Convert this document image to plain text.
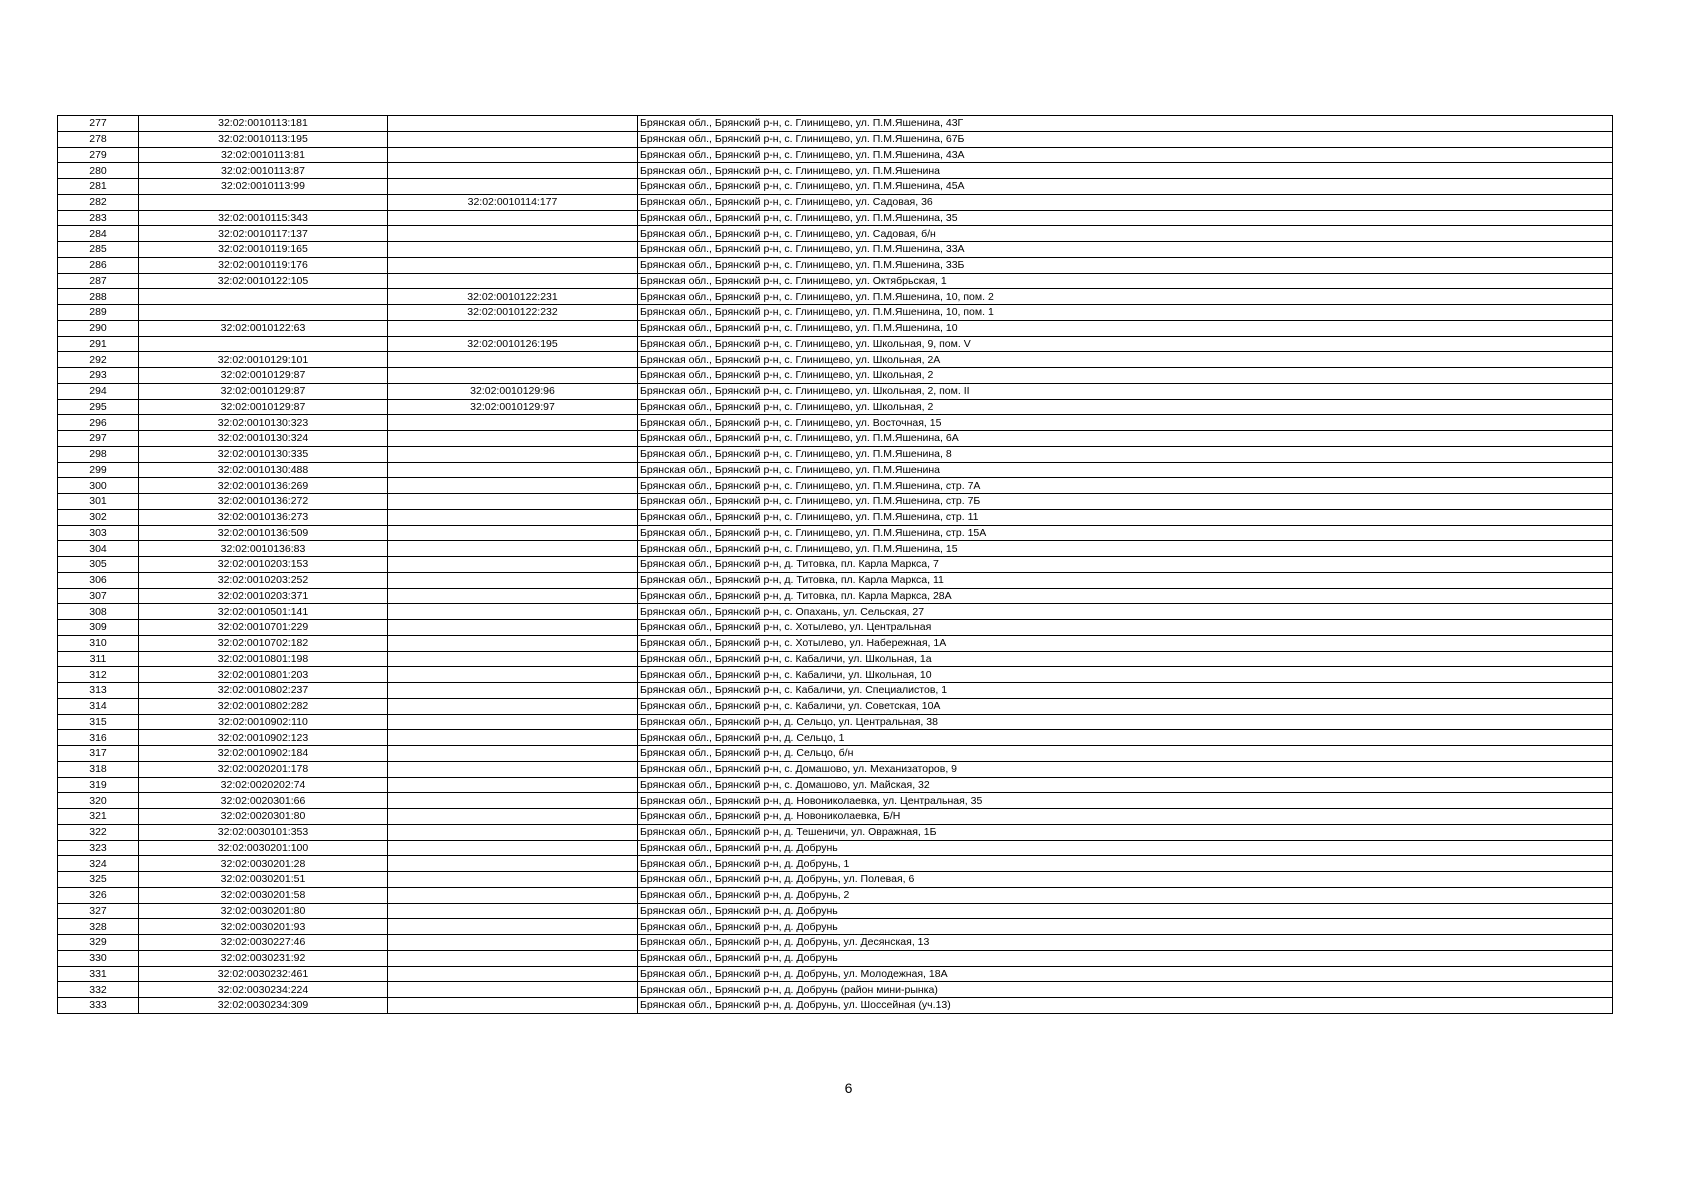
277	32:02:0010113:181		Брянская обл., Брянский р-н, с. Глинищево, ул. П.М.Яшенина, 43Г
278	32:02:0010113:195		Брянская обл., Брянский р-н, с. Глинищево, ул. П.М.Яшенина, 67Б
279	32:02:0010113:81		Брянская обл., Брянский р-н, с. Глинищево, ул. П.М.Яшенина, 43А
280	32:02:0010113:87		Брянская обл., Брянский р-н, с. Глинищево, ул. П.М.Яшенина
281	32:02:0010113:99		Брянская обл., Брянский р-н, с. Глинищево, ул. П.М.Яшенина, 45А
282		32:02:0010114:177	Брянская обл., Брянский р-н, с. Глинищево, ул. Садовая, 36
283	32:02:0010115:343		Брянская обл., Брянский р-н, с. Глинищево, ул. П.М.Яшенина, 35
284	32:02:0010117:137		Брянская обл., Брянский р-н, с. Глинищево, ул. Садовая, б/н
285	32:02:0010119:165		Брянская обл., Брянский р-н, с. Глинищево, ул. П.М.Яшенина, 33А
286	32:02:0010119:176		Брянская обл., Брянский р-н, с. Глинищево, ул. П.М.Яшенина, 33Б
287	32:02:0010122:105		Брянская обл., Брянский р-н, с. Глинищево, ул. Октябрьская, 1
288		32:02:0010122:231	Брянская обл., Брянский р-н, с. Глинищево, ул. П.М.Яшенина, 10, пом. 2
289		32:02:0010122:232	Брянская обл., Брянский р-н, с. Глинищево, ул. П.М.Яшенина, 10, пом. 1
290	32:02:0010122:63		Брянская обл., Брянский р-н, с. Глинищево, ул. П.М.Яшенина, 10
291		32:02:0010126:195	Брянская обл., Брянский р-н, с. Глинищево, ул. Школьная, 9, пом. V
292	32:02:0010129:101		Брянская обл., Брянский р-н, с. Глинищево, ул. Школьная, 2А
293	32:02:0010129:87		Брянская обл., Брянский р-н, с. Глинищево, ул. Школьная, 2
294	32:02:0010129:87	32:02:0010129:96	Брянская обл., Брянский р-н, с. Глинищево, ул. Школьная, 2, пом. II
295	32:02:0010129:87	32:02:0010129:97	Брянская обл., Брянский р-н, с. Глинищево, ул. Школьная, 2
296	32:02:0010130:323		Брянская обл., Брянский р-н, с. Глинищево, ул. Восточная, 15
297	32:02:0010130:324		Брянская обл., Брянский р-н, с. Глинищево, ул. П.М.Яшенина, 6А
298	32:02:0010130:335		Брянская обл., Брянский р-н, с. Глинищево, ул. П.М.Яшенина, 8
299	32:02:0010130:488		Брянская обл., Брянский р-н, с. Глинищево, ул. П.М.Яшенина
300	32:02:0010136:269		Брянская обл., Брянский р-н, с. Глинищево, ул. П.М.Яшенина, стр. 7А
301	32:02:0010136:272		Брянская обл., Брянский р-н, с. Глинищево, ул. П.М.Яшенина, стр. 7Б
302	32:02:0010136:273		Брянская обл., Брянский р-н, с. Глинищево, ул. П.М.Яшенина, стр. 11
303	32:02:0010136:509		Брянская обл., Брянский р-н, с. Глинищево, ул. П.М.Яшенина, стр. 15А
304	32:02:0010136:83		Брянская обл., Брянский р-н, с. Глинищево, ул. П.М.Яшенина, 15
305	32:02:0010203:153		Брянская обл., Брянский р-н, д. Титовка, пл. Карла Маркса, 7
306	32:02:0010203:252		Брянская обл., Брянский р-н, д. Титовка, пл. Карла Маркса, 11
307	32:02:0010203:371		Брянская обл., Брянский р-н, д. Титовка, пл. Карла Маркса, 28А
308	32:02:0010501:141		Брянская обл., Брянский р-н, с. Опахань, ул. Сельская, 27
309	32:02:0010701:229		Брянская обл., Брянский р-н, с. Хотылево, ул. Центральная
310	32:02:0010702:182		Брянская обл., Брянский р-н, с. Хотылево, ул. Набережная, 1А
311	32:02:0010801:198		Брянская обл., Брянский р-н, с. Кабаличи, ул. Школьная, 1а
312	32:02:0010801:203		Брянская обл., Брянский р-н, с. Кабаличи, ул. Школьная, 10
313	32:02:0010802:237		Брянская обл., Брянский р-н, с. Кабаличи, ул. Специалистов, 1
314	32:02:0010802:282		Брянская обл., Брянский р-н, с. Кабаличи, ул. Советская, 10А
315	32:02:0010902:110		Брянская обл., Брянский р-н, д. Сельцо, ул. Центральная, 38
316	32:02:0010902:123		Брянская обл., Брянский р-н, д. Сельцо, 1
317	32:02:0010902:184		Брянская обл., Брянский р-н, д. Сельцо, б/н
318	32:02:0020201:178		Брянская обл., Брянский р-н, с. Домашово, ул. Механизаторов, 9
319	32:02:0020202:74		Брянская обл., Брянский р-н, с. Домашово, ул. Майская, 32
320	32:02:0020301:66		Брянская обл., Брянский р-н, д. Новониколаевка, ул. Центральная, 35
321	32:02:0020301:80		Брянская обл., Брянский р-н, д. Новониколаевка, Б/Н
322	32:02:0030101:353		Брянская обл., Брянский р-н, д. Тешеничи, ул. Овражная, 1Б
323	32:02:0030201:100		Брянская обл., Брянский р-н, д. Добрунь
324	32:02:0030201:28		Брянская обл., Брянский р-н, д. Добрунь, 1
325	32:02:0030201:51		Брянская обл., Брянский р-н, д. Добрунь, ул. Полевая, 6
326	32:02:0030201:58		Брянская обл., Брянский р-н, д. Добрунь, 2
327	32:02:0030201:80		Брянская обл., Брянский р-н, д. Добрунь
328	32:02:0030201:93		Брянская обл., Брянский р-н, д. Добрунь
329	32:02:0030227:46		Брянская обл., Брянский р-н, д. Добрунь, ул. Десянская, 13
330	32:02:0030231:92		Брянская обл., Брянский р-н, д. Добрунь
331	32:02:0030232:461		Брянская обл., Брянский р-н, д. Добрунь, ул. Молодежная, 18А
332	32:02:0030234:224		Брянская обл., Брянский р-н, д. Добрунь (район мини-рынка)
333	32:02:0030234:309		Брянская обл., Брянский р-н, д. Добрунь, ул. Шоссейная (уч.13)
6
